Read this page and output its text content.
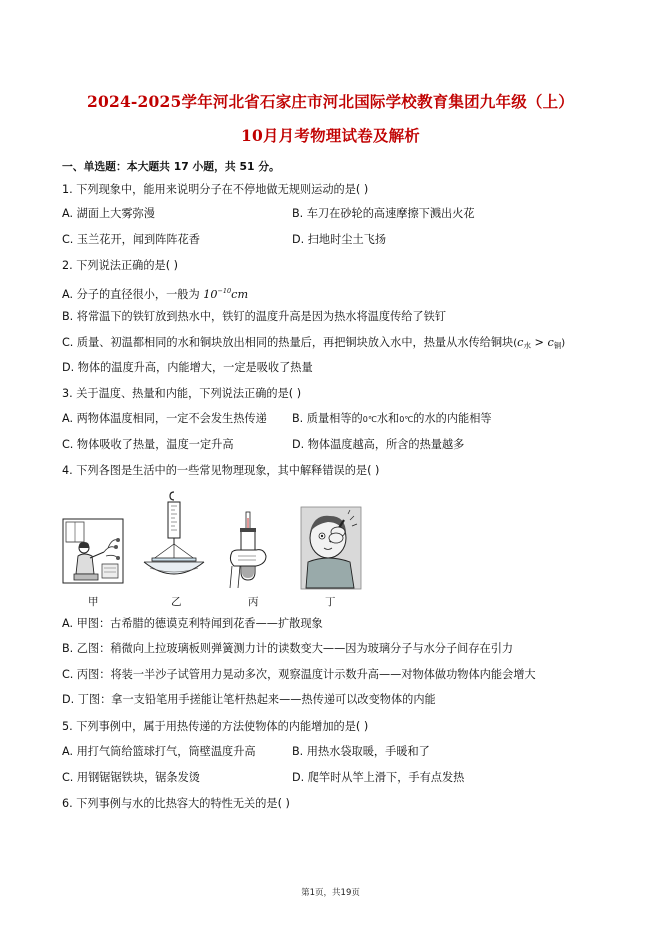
2024-2025学年河北省石家庄市河北国际学校教育集团九年级（上）
10月月考物理试卷及解析
一、单选题：本大题共 17 小题，共 51 分。
1. 下列现象中，能用来说明分子在不停地做无规则运动的是( )
A. 湖面上大雾弥漫	B. 车刀在砂轮的高速摩擦下溅出火花
C. 玉兰花开，闻到阵阵花香	D. 扫地时尘土飞扬
2. 下列说法正确的是( )
A. 分子的直径很小，一般为 $10^{-10}cm$
B. 将常温下的铁钉放到热水中，铁钉的温度升高是因为热水将温度传给了铁钉
C. 质量、初温都相同的水和铜块放出相同的热量后，再把铜块放入水中，热量从水传给铜块$(c_水 > c_铜)$
D. 物体的温度升高，内能增大，一定是吸收了热量
3. 关于温度、热量和内能，下列说法正确的是( )
A. 两物体温度相同，一定不会发生热传递 B. 质量相等的0℃水和0℃的水的内能相等
C. 物体吸收了热量，温度一定升高	D. 物体温度越高，所含的热量越多
4. 下列各图是生活中的一些常见物理现象，其中解释错误的是( )
甲	乙	丙	丁
A. 甲图：古希腊的德谟克利特闻到花香——扩散现象
B. 乙图：稍微向上拉玻璃板则弹簧测力计的读数变大——因为玻璃分子与水分子间存在引力
C. 丙图：将装一半沙子试管用力晃动多次，观察温度计示数升高——对物体做功物体内能会增大
D. 丁图：拿一支铅笔用手搓能让笔杆热起来——热传递可以改变物体的内能
5. 下列事例中，属于用热传递的方法使物体的内能增加的是( )
A. 用打气筒给篮球打气，筒壁温度升高	B. 用热水袋取暖，手暖和了
C. 用钢锯锯铁块，锯条发烫	D. 爬竿时从竿上滑下，手有点发热
6. 下列事例与水的比热容大的特性无关的是( )
第1页，共19页
